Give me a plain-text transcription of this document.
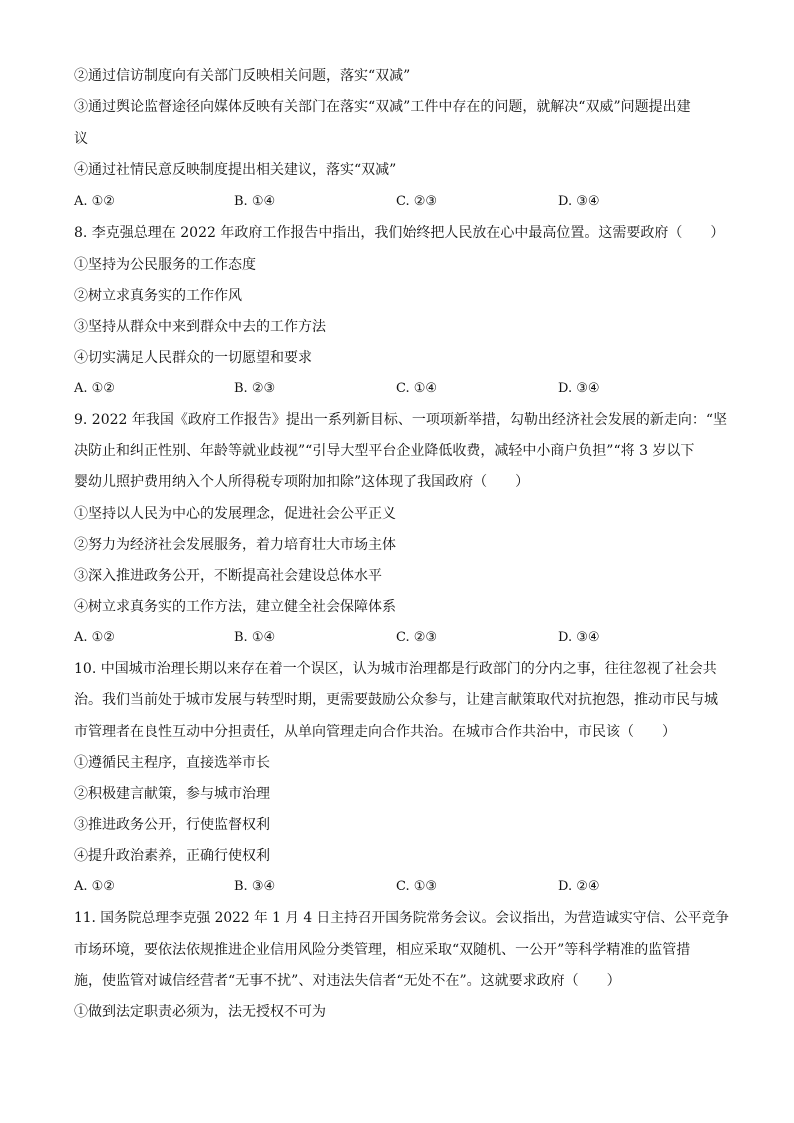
②通过信访制度向有关部门反映相关问题，落实“双减”
③通过舆论监督途径向媒体反映有关部门在落实“双减”工件中存在的问题，就解决“双威”问题提出建
议
④通过社情民意反映制度提出相关建议，落实“双减”
A. ①②	B. ①④	C. ②③	D. ③④
8. 李克强总理在 2022 年政府工作报告中指出，我们始终把人民放在心中最高位置。这需要政府（　　）
①坚持为公民服务的工作态度
②树立求真务实的工作作风
③坚持从群众中来到群众中去的工作方法
④切实满足人民群众的一切愿望和要求
A. ①②	B. ②③	C. ①④	D. ③④
9. 2022 年我国《政府工作报告》提出一系列新目标、一项项新举措，勾勒出经济社会发展的新走向：“坚
决防止和纠正性别、年龄等就业歧视”“引导大型平台企业降低收费，减轻中小商户负担”“将 3 岁以下
婴幼儿照护费用纳入个人所得税专项附加扣除”这体现了我国政府（　　）
①坚持以人民为中心的发展理念，促进社会公平正义
②努力为经济社会发展服务，着力培育壮大市场主体
③深入推进政务公开，不断提高社会建设总体水平
④树立求真务实的工作方法，建立健全社会保障体系
A. ①②	B. ①④	C. ②③	D. ③④
10. 中国城市治理长期以来存在着一个误区，认为城市治理都是行政部门的分内之事，往往忽视了社会共
治。我们当前处于城市发展与转型时期，更需要鼓励公众参与，让建言献策取代对抗抱怨，推动市民与城
市管理者在良性互动中分担责任，从单向管理走向合作共治。在城市合作共治中，市民该（　　）
①遵循民主程序，直接选举市长
②积极建言献策，参与城市治理
③推进政务公开，行使监督权利
④提升政治素养，正确行使权利
A. ①②	B. ③④	C. ①③	D. ②④
11. 国务院总理李克强 2022 年 1 月 4 日主持召开国务院常务会议。会议指出，为营造诚实守信、公平竞争
市场环境，要依法依规推进企业信用风险分类管理，相应采取“双随机、一公开”等科学精准的监管措
施，使监管对诚信经营者“无事不扰”、对违法失信者“无处不在”。这就要求政府（　　）
①做到法定职责必须为，法无授权不可为
